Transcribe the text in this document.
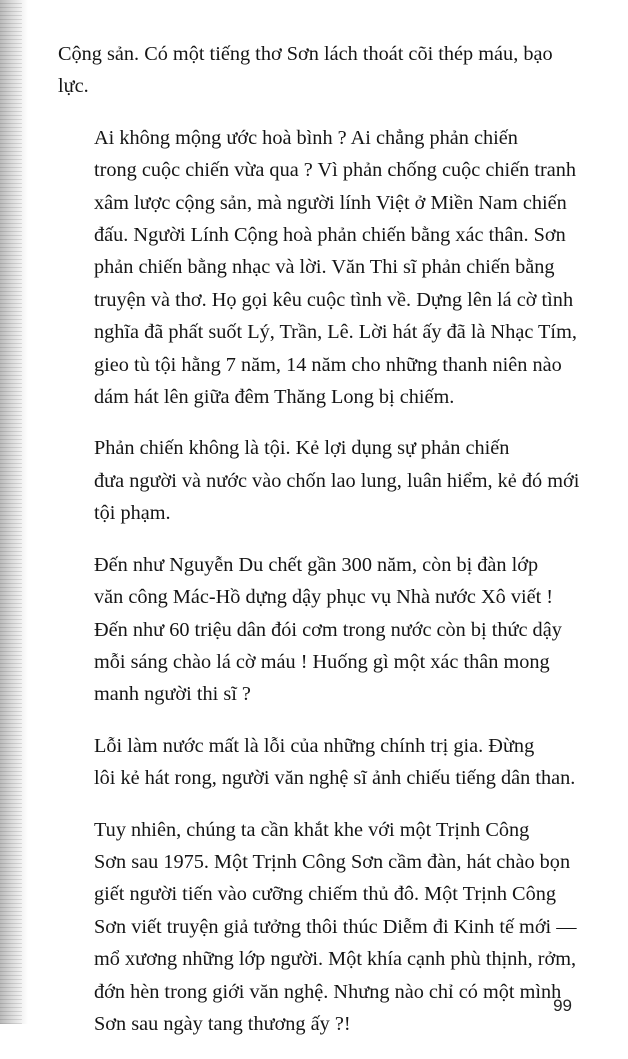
Cộng sản. Có một tiếng thơ Sơn lách thoát cõi thép máu, bạo
lực.

Ai không mộng ước hoà bình ? Ai chẳng phản chiến
trong cuộc chiến vừa qua ? Vì phản chống cuộc chiến tranh
xâm lược cộng sản, mà người lính Việt ở Miền Nam chiến
đấu. Người Lính Cộng hoà phản chiến bằng xác thân. Sơn
phản chiến bằng nhạc và lời. Văn Thi sĩ phản chiến bằng
truyện và thơ. Họ gọi kêu cuộc tình về. Dựng lên lá cờ tình
nghĩa đã phất suốt Lý, Trần, Lê. Lời hát ấy đã là Nhạc Tím,
gieo tù tội hằng 7 năm, 14 năm cho những thanh niên nào
dám hát lên giữa đêm Thăng Long bị chiếm.

Phản chiến không là tội. Kẻ lợi dụng sự phản chiến
đưa người và nước vào chốn lao lung, luân hiểm, kẻ đó mới
tội phạm.

Đến như Nguyễn Du chết gần 300 năm, còn bị đàn lớp
văn công Mác-Hồ dựng dậy phục vụ Nhà nước Xô viết !
Đến như 60 triệu dân đói cơm trong nước còn bị thức dậy
mỗi sáng chào lá cờ máu ! Huống gì một xác thân mong
manh người thi sĩ ?

Lỗi làm nước mất là lỗi của những chính trị gia. Đừng
lôi kẻ hát rong, người văn nghệ sĩ ảnh chiếu tiếng dân than.

Tuy nhiên, chúng ta cần khắt khe với một Trịnh Công
Sơn sau 1975. Một Trịnh Công Sơn cầm đàn, hát chào bọn
giết người tiến vào cưỡng chiếm thủ đô. Một Trịnh Công
Sơn viết truyện giả tưởng thôi thúc Diễm đi Kinh tế mới —
mổ xương những lớp người. Một khía cạnh phù thịnh, rởm,
đớn hèn trong giới văn nghệ. Nhưng nào chỉ có một mình
Sơn sau ngày tang thương ấy ?!

99
